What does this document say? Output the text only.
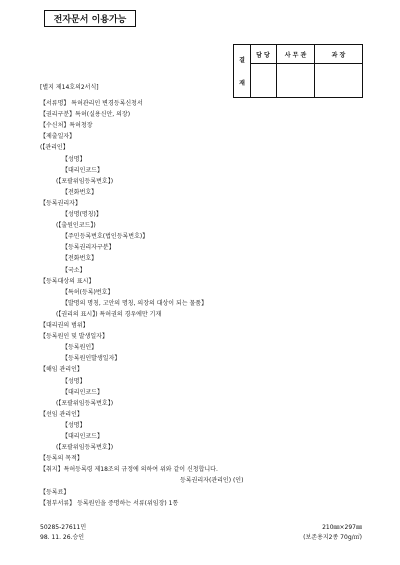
전자문서 이용가능
결
재
담 당	사 무 관	과 장
[별지 제14호의2서식]
【서류명】 특허관리인 변경등록신청서
【권리구분】특허(실용신안, 의장)
【수신처】특허청장
【제출일자】
(【관리인】
【성명】
【대리인코드】
(【포괄위임등록번호】)
【전화번호】
【등록권리자】
【성명(명칭)】
(【출원인코드】)
【주민등록번호(법인등록번호)】
【등록권리자구분】
【전화번호】
【국소】
【등록대상의 표시】
【특허(등록)번호】
【발명의 명칭, 고안의 명칭, 의장의 대상이 되는 물품】
(【권리의 표시】) 특허권의 경우에만 기재
【대리권의 범위】
【등록원인 및 발생일자】
【등록원인】
【등록원인발생일자】
【해임 관리인】
【성명】
【대리인코드】
(【포괄위임등록번호】)
【선임 관리인】
【성명】
【대리인코드】
(【포괄위임등록번호】)
【등록의 목적】
【취지】특허등록령 제18조의 규정에 의하여 위와 같이 신청합니다.
등록권리자(관리인) (인)
【등록료】
【첨부서류】 등록원인을 증명하는 서류(위임장) 1통
50285-27611민
98. 11. 26.승인
210㎜×297㎜
(보존용지2종 70g/㎡)
